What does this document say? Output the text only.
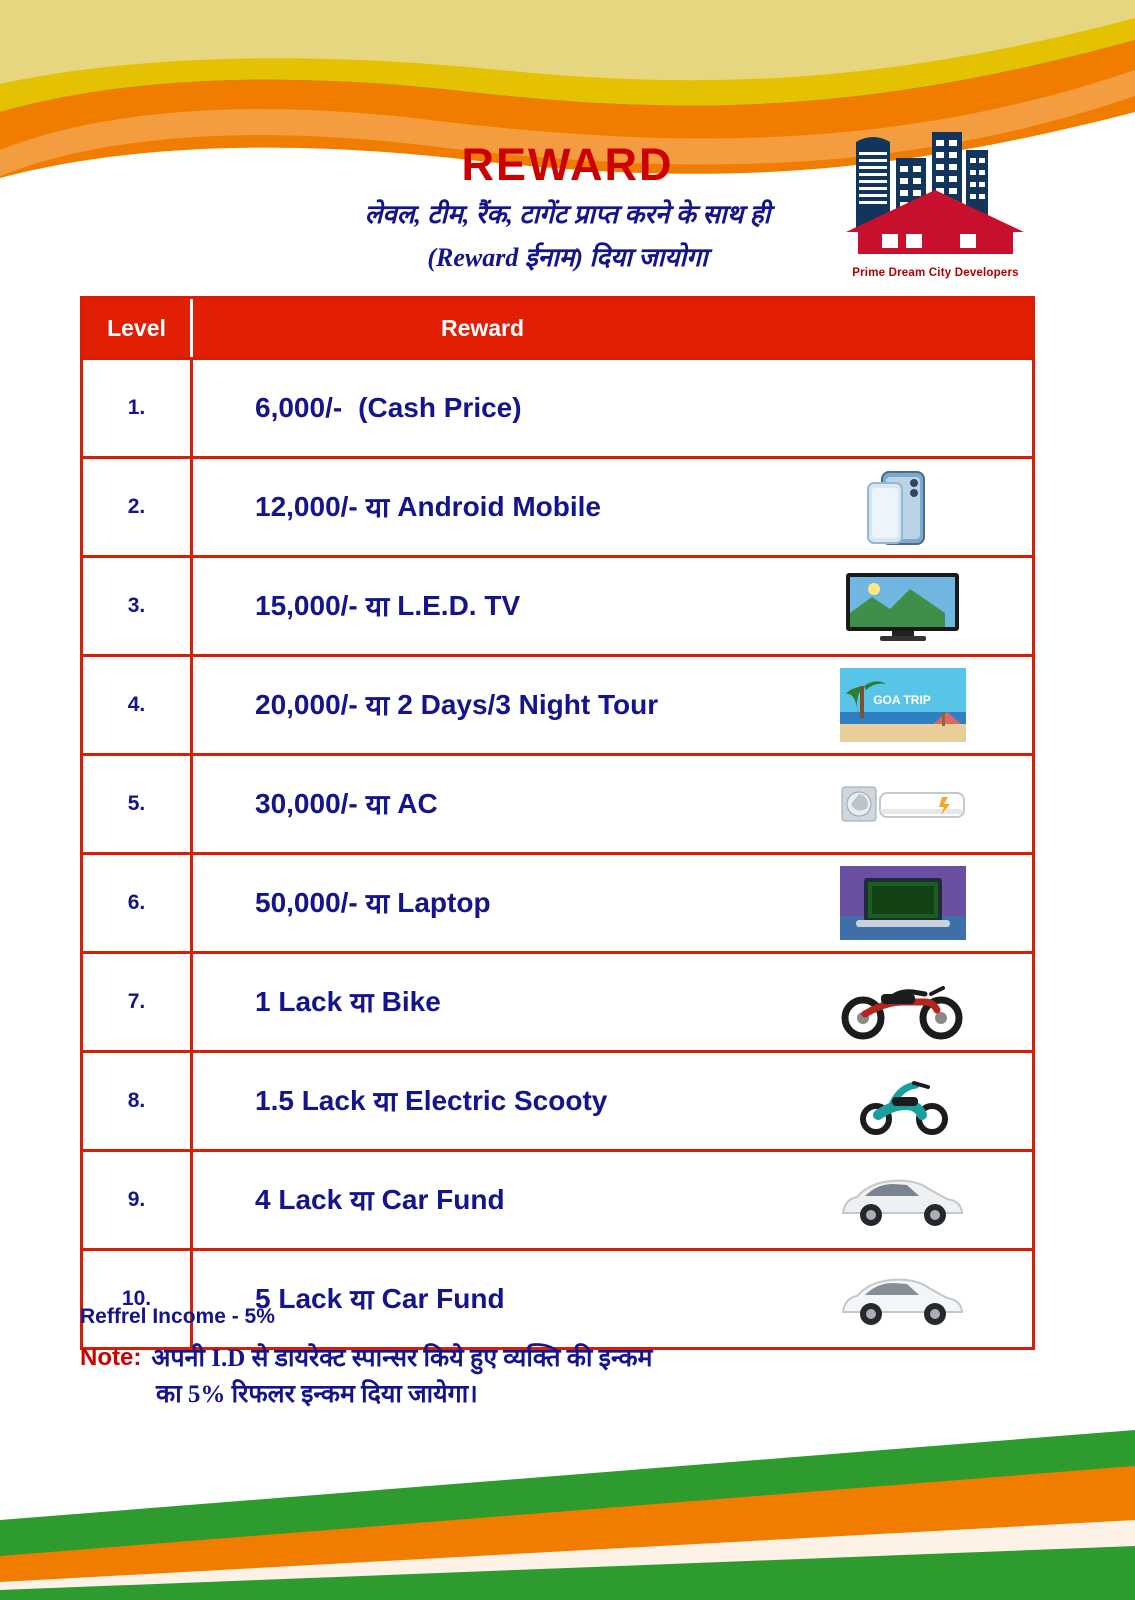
REWARD
लेवल, टीम, रैंक, टागेंट प्राप्त करने के साथ ही
(Reward ईनाम) दिया जायोगा
Prime Dream City Developers
Level	Reward
1.	6,000/- (Cash Price)
2.	12,000/- या Android Mobile
3.	15,000/- या L.E.D. TV
4.	20,000/- या 2 Days/3 Night Tour	GOA TRIP
5.	30,000/- या AC
6.	50,000/- या Laptop
7.	1 Lack या Bike
8.	1.5 Lack या Electric Scooty
9.	4 Lack या Car Fund
10.	5 Lack या Car Fund
Reffrel Income - 5%
Note: अपनी I.D से डायरेक्ट स्पान्सर किये हुए व्यक्ति की इन्कम
का 5% रिफलर इन्कम दिया जायेगा।
